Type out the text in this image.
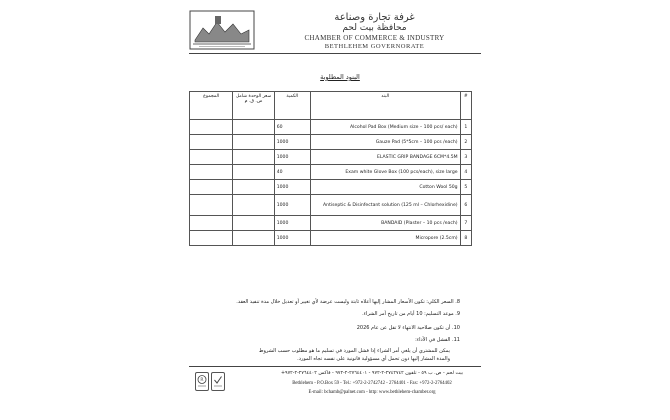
غرفة تجارة وصناعة
محافظة بيت لحم
CHAMBER OF COMMERCE & INDUSTRY
BETHLEHEM GOVERNORATE
البنود المطلوبة
المجموع	سعر الوحدة شامل ض. ق. م	الكمية	البند	#
		60	Alcohol Pad Box (Medium size – 100 pcs/ each)	1
		1000	Gauze Pad (5*5cm – 100 pcs /each)	2
		1000	ELASTIC GRIP BANDAGE 6CM*4.5M	3
		40	Exam white Glove Box (100 pcs/each), size large	4
		1000	Cotton Wool 50g	5
		1000	Antiseptic & Disinfectant solution (125 ml – Chlorhexidine)	6
		1000	BANDAID (Plaster – 10 pcs /each)	7
		1000	Micropore (2.5cm)	8
8. السعر الكلي: تكون الأسعار المشار إليها أعلاه ثابتة وليست عرضة لأي تغيير أو تعديل خلال مدة تنفيذ العقد.
9. موعد التسليم: 10 أيام من تاريخ أمر الشراء.
10. أن تكون صلاحية الانتهاء لا تقل عن عام 2026
11. الفشل في الأداء:
يمكن للمشتري أن يلغي أمر الشراء إذا فشل المورد في تسليم ما هو مطلوب حسب الشروط والمدة المشار إليها دون تحمل أي مسؤولية قانونية على نفسه تجاه المورد.
R
بيت لحم - ص. ب ٥٩ - تلفون ٢٧٤٢٧٤٢-٢-٩٧٢ - ٢٧٦٤٤٠١-٢-٩٧٢ - فاكس ٢٧٦٤٤٠٢-٢-٩٧٢+
Bethlehem - P.O.Box 59 - Tel.: +972-2-2742742 - 2764401 - Fax: +972-2-2764402
E-mail: bchamb@palnet.com - http: www.bethlehem-chamber.org
